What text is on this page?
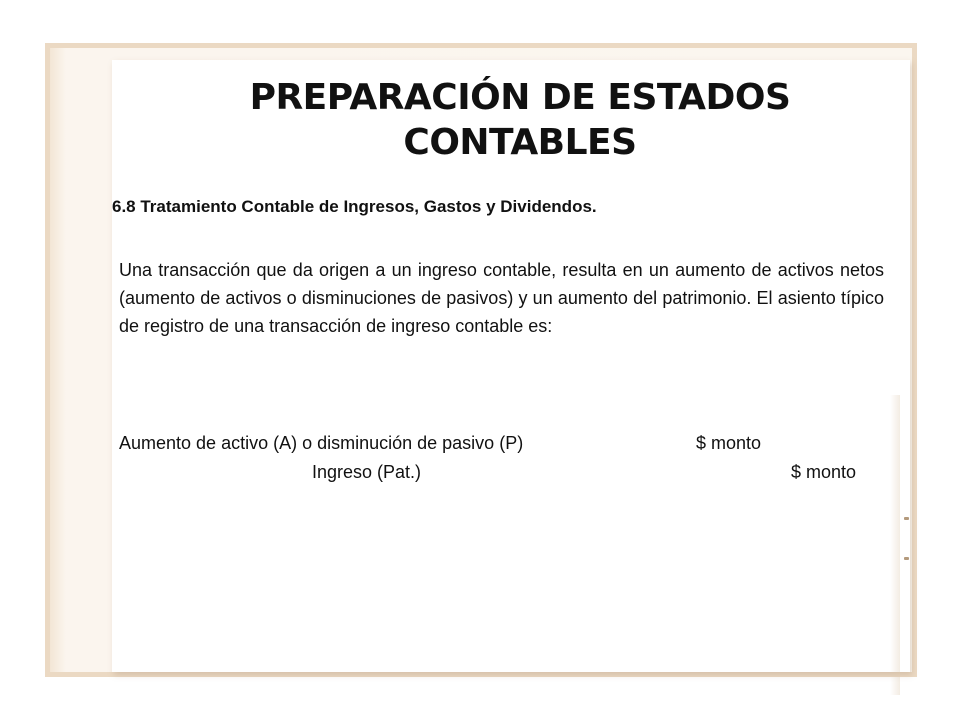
PREPARACIÓN DE ESTADOS CONTABLES

6.8 Tratamiento Contable de Ingresos, Gastos y Dividendos.

Una transacción que da origen a un ingreso contable, resulta en un aumento de activos netos (aumento de activos o disminuciones de pasivos) y un aumento del patrimonio. El asiento típico de registro de una transacción de ingreso contable es:

Aumento de activo (A) o disminución de pasivo (P)	$ monto
Ingreso (Pat.)	$ monto
